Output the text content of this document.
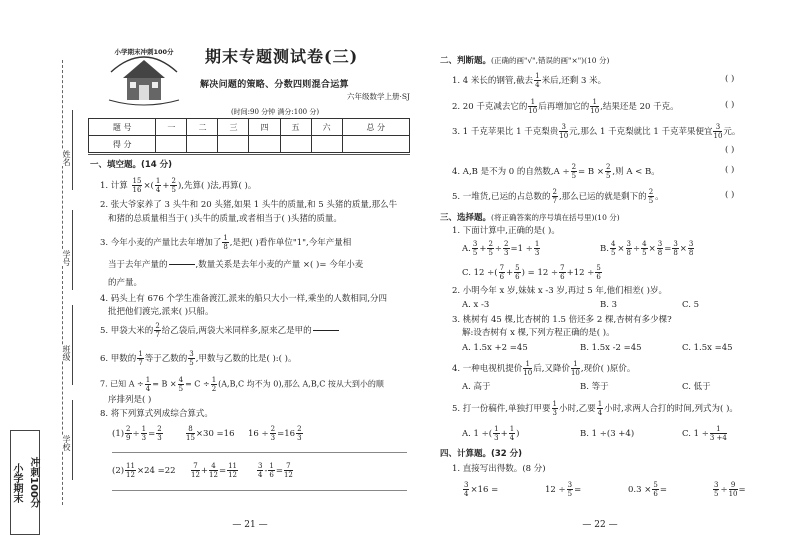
姓名
学号
班级
学校
小学期末 冲刺100分
小学期末冲刺100分 期末专题测试卷(三)
解决问题的策略、分数四则混合运算
六年级数学上册·SJ
(时间:90 分钟 满分:100 分)
题 号	一	二	三	四	五	六	总 分
得 分							
一、填空题。(14 分)
1. 计算 $\frac{15}{16}$ ×( $\frac{1}{4} + \frac{2}{5}$ ),先算( )法,再算( )。
2. 张大爷家养了 3 头牛和 20 头猪,如果 1 头牛的质量,和 5 头猪的质量,那么牛
和猪的总质量相当于( )头牛的质量,或者相当于( )头猪的质量。
3. 今年小麦的产量比去年增加了 $\frac{1}{8}$ ,是把( )看作单位"1",今年产量相
当于去年产量的

	,数量关系是去年小麦的产量 ×( )= 今年小麦
的产量。
4. 码头上有 676 个学生准备渡江,派来的船只大小一样,乘坐的人数相同,分四
批把他们渡完,派来( )只船。
5. 甲袋大米的 $\frac{2}{7}$ 给乙袋后,两袋大米同样多,原来乙是甲的

6. 甲数的 $\frac{1}{7}$ 等于乙数的 $\frac{3}{5}$ ,甲数与乙数的比是( ):( )。
7. 已知 $A \div \frac{1}{4} = B \times \frac{4}{5} = C \div \frac{1}{2} (A,B,C$ 均不为 0),那么 A,B,C 按从大到小的顺
序排列是( )
8. 将下列算式列成综合算式。
$(1) \frac{2}{9} \div \frac{1}{3} = \frac{2}{3}$	$\frac{8}{15} \times 30 =16$ $16 \div \frac{2}{3} =16 \frac{2}{3}$
$(2) \frac{11}{12} \times 24 =22 \frac{7}{12} + \frac{4}{12} = \frac{11}{12}$	$\frac{3}{4} - \frac{1}{6} = \frac{7}{12}$
— 21 —
二、判断题。(正确的画"√",错误的画"×")(10 分)
1. 4 米长的钢管,截去 $\frac{1}{4}$ 米后,还剩 3 米。	( )
2. 20 千克减去它的 $\frac{1}{10}$ 后再增加它的 $\frac{1}{10}$ ,结果还是 20 千克。	( )
3. 1 千克苹果比 1 千克梨贵 $\frac{3}{10}$ 元,那么 1 千克梨就比 1 千克苹果便宜 $\frac{3}{10}$ 元。
( )
4. A,B 是不为 0 的自然数$,A \div \frac{2}{5} = B \times \frac{2}{5}$ ,则 A < B。	( )
5. 一堆货,已运的占总数的 $\frac{2}{7}$ ,那么已运的就是剩下的 $\frac{2}{5}$ 。	( )
三、选择题。(将正确答案的序号填在括号里)(10 分)
1. 下面计算中,正确的是( )。
A. $\frac{3}{5} + \frac{2}{5} \div \frac{2}{3} =1 \div \frac{1}{3}$	B. $\frac{4}{5} \times \frac{3}{8} \div \frac{4}{5} \times \frac{3}{8} = \frac{3}{8} \times \frac{3}{8}$
C. 12 ÷( $\frac{7}{6} + \frac{5}{6}$ ) = $12 \div \frac{7}{6} +12 \div \frac{5}{6}$
2. 小明今年 x 岁,妹妹 x -3 岁,再过 5 年,他们相差( )岁。
A. x -3	B. 3	C. 5
3. 桃树有 45 棵,比杏树的 1.5 倍还多 2 棵,杏树有多少棵?
解:设杏树有 x 棵,下列方程正确的是( )。
A. 1.5x +2 =45	B. 1.5x -2 =45	C. 1.5x =45
4. 一种电视机提价 $\frac{1}{10}$ 后,又降价 $\frac{1}{10}$ ,现价( )原价。
A. 高于	B. 等于	C. 低于
5. 打一份稿件,单独打甲要 $\frac{1}{3}$ 小时,乙要 $\frac{1}{4}$ 小时,求两人合打的时间,列式为( )。
A. 1 ÷( $\frac{1}{3} + \frac{1}{4}$ )	B. 1 ÷(3 +4)	C. $1 \div \frac{1}{3 +4}$
四、计算题。(32 分)
1. 直接写出得数。(8 分)
$\frac{3}{4} \times 16$ =	$12 \div \frac{3}{5}$ =	$0.3 \times \frac{5}{6}$ =	$\frac{3}{5} \div \frac{9}{10}$ =
— 22 —
